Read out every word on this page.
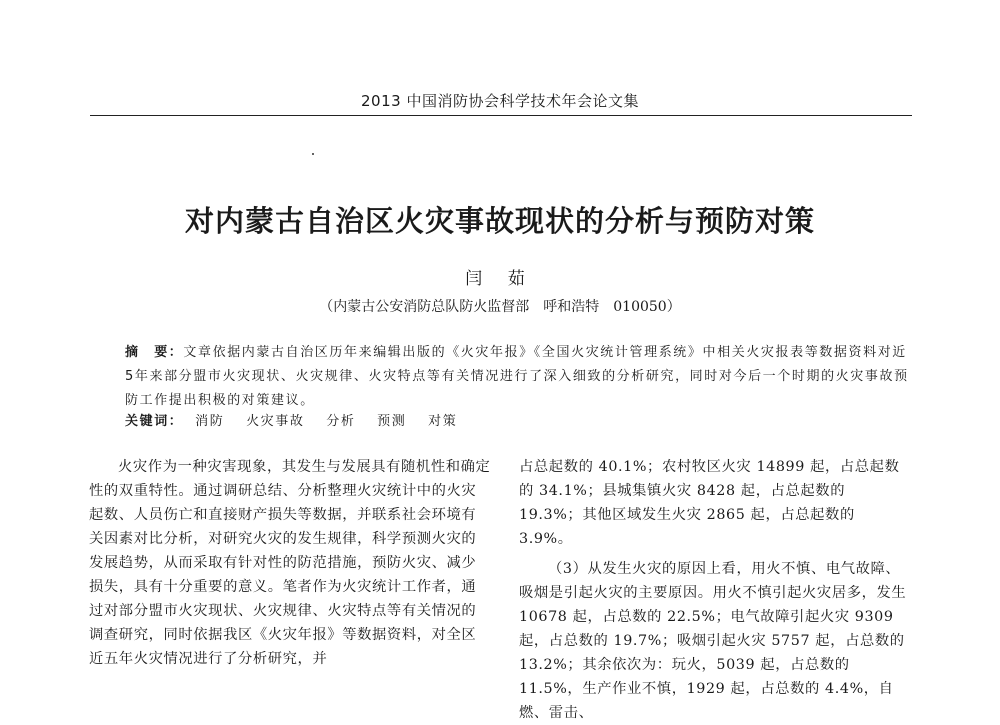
2013 中国消防协会科学技术年会论文集
对内蒙古自治区火灾事故现状的分析与预防对策
闫 茹
（内蒙古公安消防总队防火监督部　呼和浩特　010050）
摘　要：文章依据内蒙古自治区历年来编辑出版的《火灾年报》《全国火灾统计管理系统》中相关火灾报表等数据资料对近5年来部分盟市火灾现状、火灾规律、火灾特点等有关情况进行了深入细致的分析研究，同时对今后一个时期的火灾事故预防工作提出积极的对策建议。
关键词： 消防 火灾事故 分析 预测 对策

火灾作为一种灾害现象，其发生与发展具有随机性和确定性的双重特性。通过调研总结、分析整理火灾统计中的火灾起数、人员伤亡和直接财产损失等数据，并联系社会环境有关因素对比分析，对研究火灾的发生规律，科学预测火灾的发展趋势，从而采取有针对性的防范措施，预防火灾、减少损失，具有十分重要的意义。笔者作为火灾统计工作者，通过对部分盟市火灾现状、火灾规律、火灾特点等有关情况的调查研究，同时依据我区《火灾年报》等数据资料，对全区近五年火灾情况进行了分析研究，并

占总起数的 40.1%；农村牧区火灾 14899 起，占总起数的 34.1%；县城集镇火灾 8428 起，占总起数的 19.3%；其他区域发生火灾 2865 起，占总起数的 3.9%。

（3）从发生火灾的原因上看，用火不慎、电气故障、吸烟是引起火灾的主要原因。用火不慎引起火灾居多，发生 10678 起，占总数的 22.5%；电气故障引起火灾 9309 起，占总数的 19.7%；吸烟引起火灾 5757 起，占总数的 13.2%；其余依次为：玩火，5039 起，占总数的 11.5%，生产作业不慎，1929 起，占总数的 4.4%，自燃、雷击、
